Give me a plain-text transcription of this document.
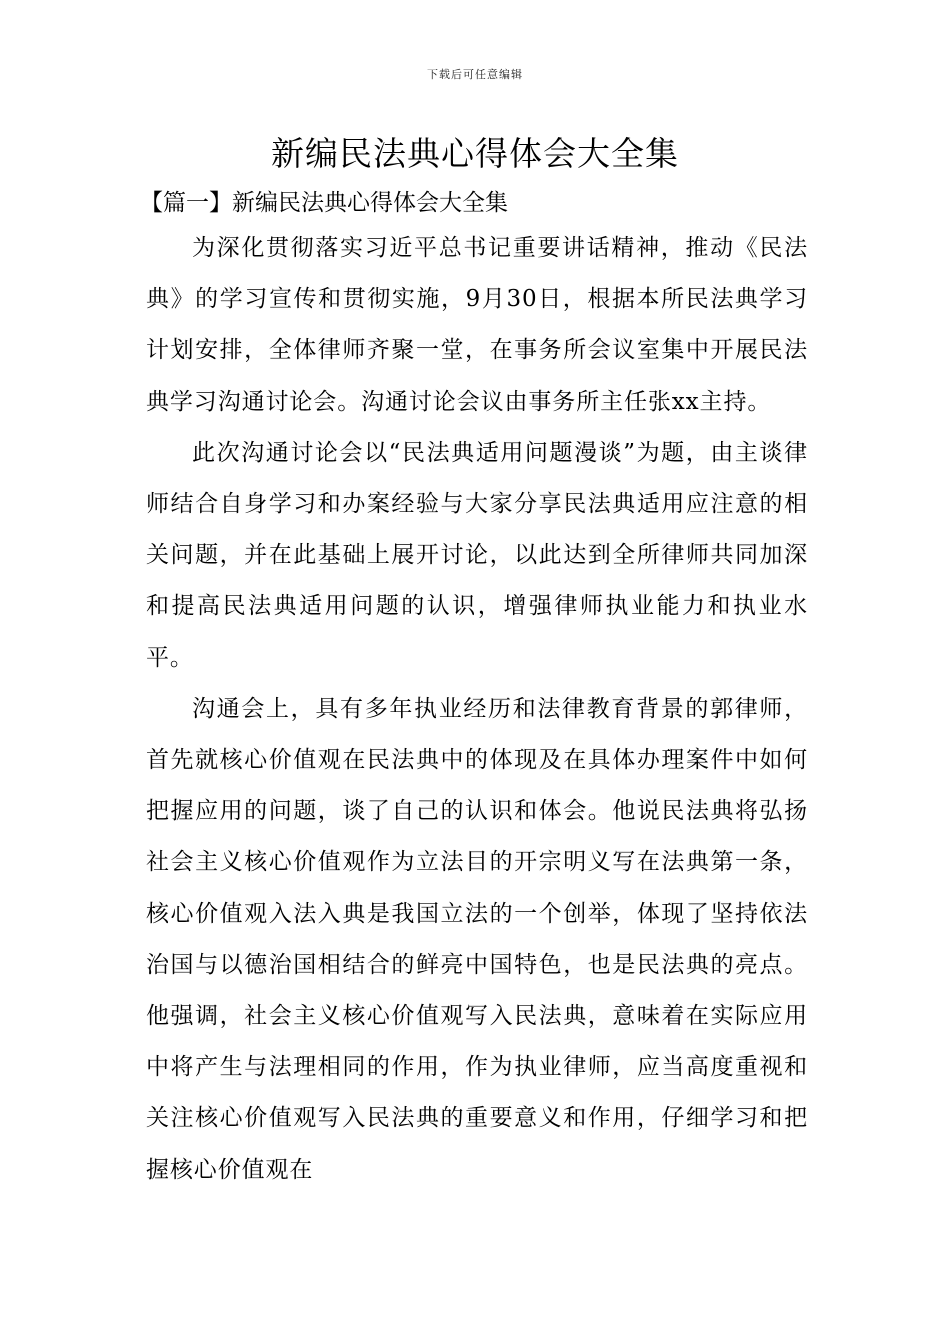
下载后可任意编辑
新编民法典心得体会大全集
【篇一】新编民法典心得体会大全集

为深化贯彻落实习近平总书记重要讲话精神，推动《民法典》的学习宣传和贯彻实施，9月30日，根据本所民法典学习计划安排，全体律师齐聚一堂，在事务所会议室集中开展民法典学习沟通讨论会。沟通讨论会议由事务所主任张xx主持。

此次沟通讨论会以“民法典适用问题漫谈”为题，由主谈律师结合自身学习和办案经验与大家分享民法典适用应注意的相关问题，并在此基础上展开讨论，以此达到全所律师共同加深和提高民法典适用问题的认识，增强律师执业能力和执业水平。

沟通会上，具有多年执业经历和法律教育背景的郭律师，首先就核心价值观在民法典中的体现及在具体办理案件中如何把握应用的问题，谈了自己的认识和体会。他说民法典将弘扬社会主义核心价值观作为立法目的开宗明义写在法典第一条，核心价值观入法入典是我国立法的一个创举，体现了坚持依法治国与以德治国相结合的鲜亮中国特色，也是民法典的亮点。他强调，社会主义核心价值观写入民法典，意味着在实际应用中将产生与法理相同的作用，作为执业律师，应当高度重视和关注核心价值观写入民法典的重要意义和作用，仔细学习和把握核心价值观在
